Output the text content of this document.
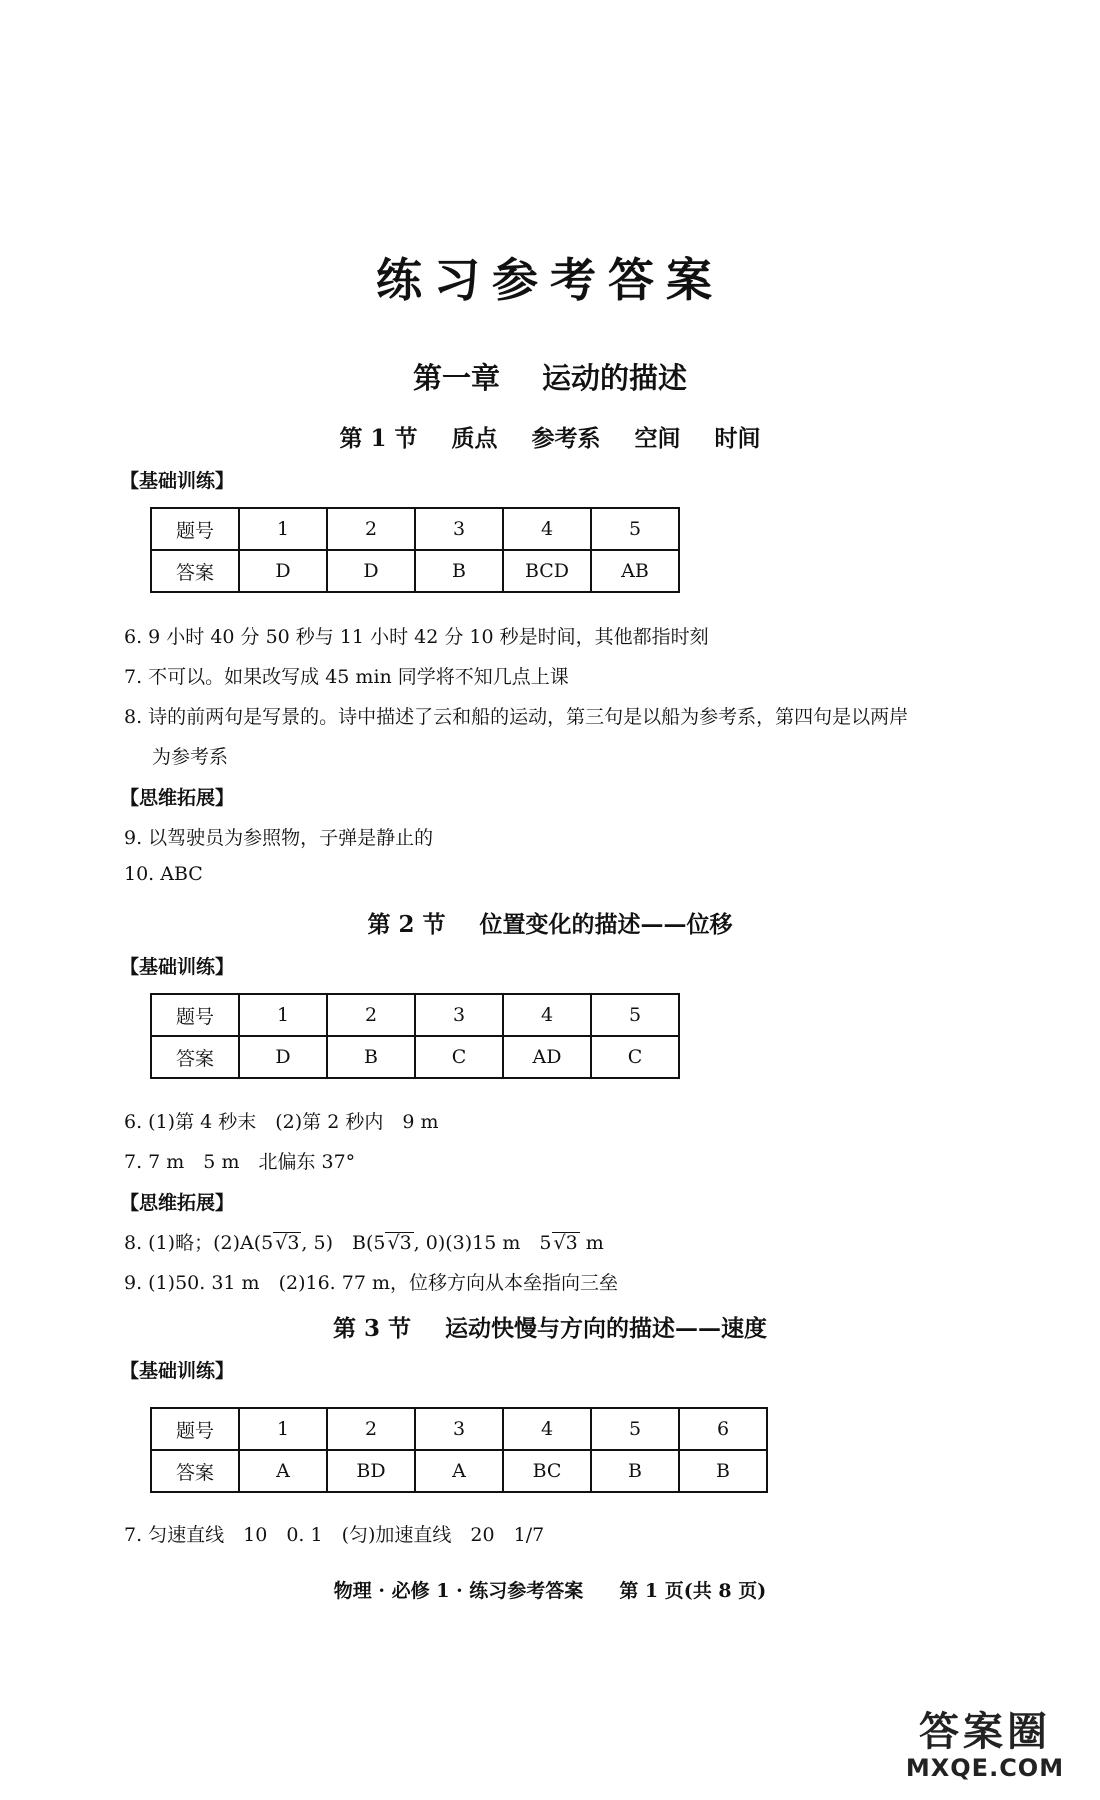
练习参考答案
第一章 运动的描述
第 1 节 质点 参考系 空间 时间
【基础训练】
题号	1	2	3	4	5
答案	D	D	B	BCD	AB
6. 9 小时 40 分 50 秒与 11 小时 42 分 10 秒是时间，其他都指时刻
7. 不可以。如果改写成 45 min 同学将不知几点上课
8. 诗的前两句是写景的。诗中描述了云和船的运动，第三句是以船为参考系，第四句是以两岸
为参考系
【思维拓展】
9. 以驾驶员为参照物，子弹是静止的
10. ABC
第 2 节 位置变化的描述——位移
【基础训练】
题号	1	2	3	4	5
答案	D	B	C	AD	C
6. (1)第 4 秒末　(2)第 2 秒内　9 m
7. 7 m　5 m　北偏东 37°
【思维拓展】
8. (1)略；(2)A(5 √3 , 5)　B(5 √3 , 0)(3)15 m　5 √3 m
9. (1)50. 31 m　(2)16. 77 m，位移方向从本垒指向三垒
第 3 节 运动快慢与方向的描述——速度
【基础训练】
题号	1	2	3	4	5	6
答案	A	BD	A	BC	B	B
7. 匀速直线　10　0. 1　(匀)加速直线　20　1/7
物理 · 必修 1 · 练习参考答案 第 1 页(共 8 页)
答案圈
MXQE.COM
